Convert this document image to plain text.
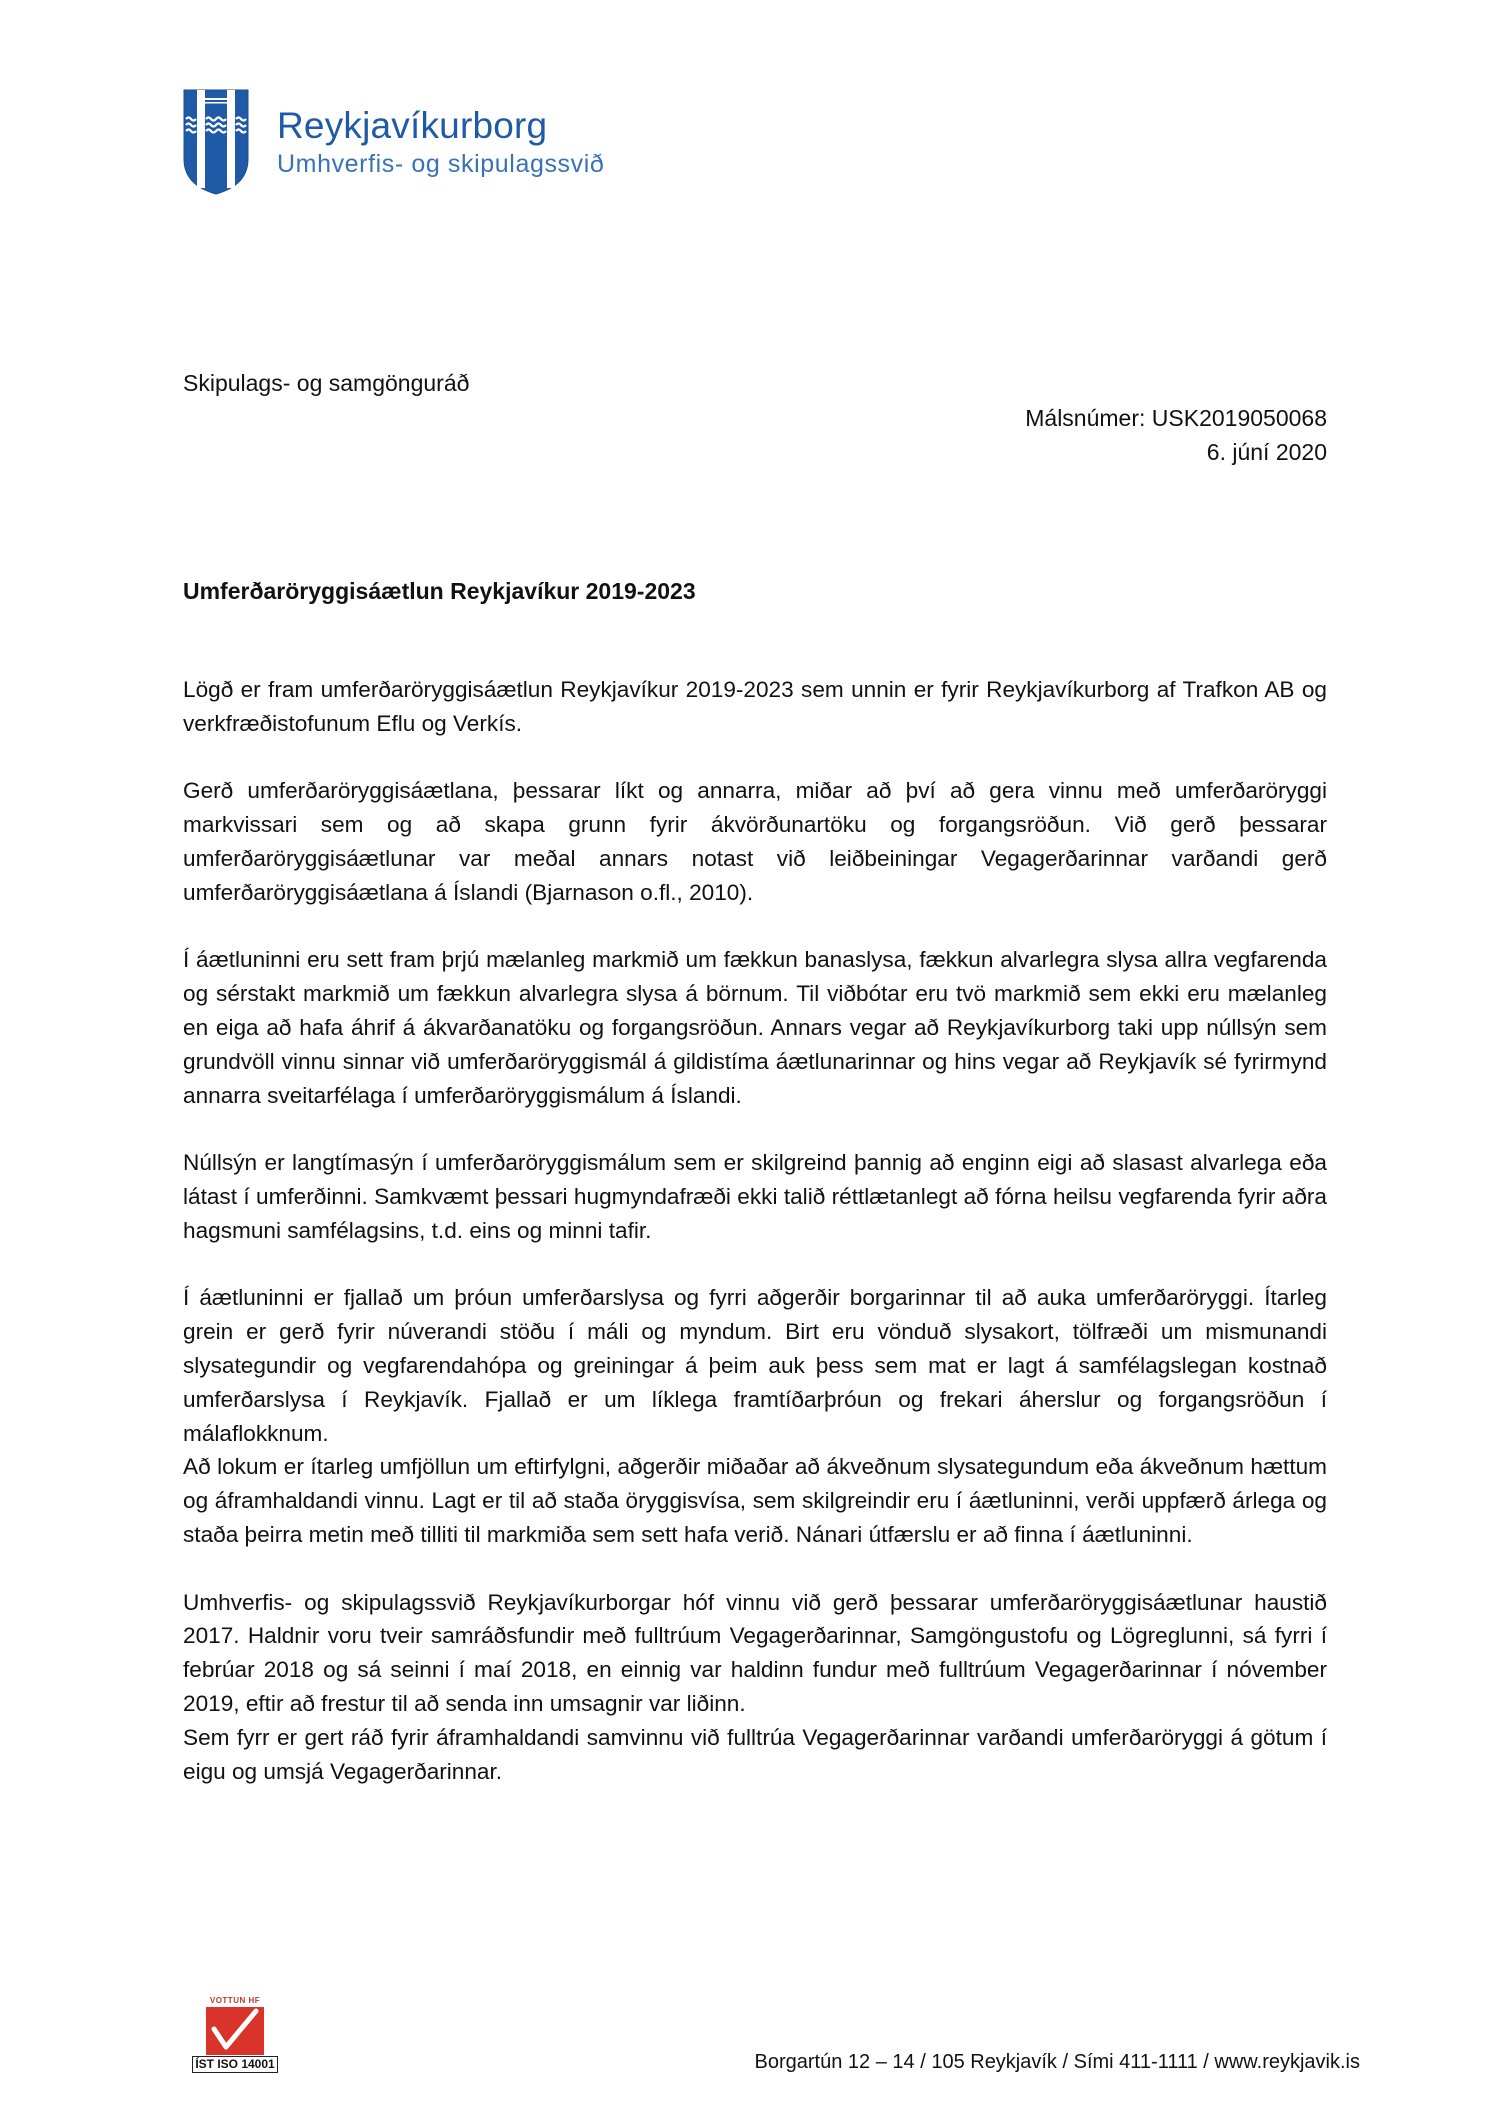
Reykjavíkurborg
Umhverfis- og skipulagssvið
Skipulags- og samgönguráð
Málsnúmer: USK2019050068
6. júní 2020
Umferðaröryggisáætlun Reykjavíkur 2019-2023

Lögð er fram umferðaröryggisáætlun Reykjavíkur 2019-2023 sem unnin er fyrir Reykjavíkurborg af Trafkon AB og verkfræðistofunum Eflu og Verkís.

Gerð umferðaröryggisáætlana, þessarar líkt og annarra, miðar að því að gera vinnu með umferðaröryggi markvissari sem og að skapa grunn fyrir ákvörðunartöku og forgangsröðun. Við gerð þessarar umferðaröryggisáætlunar var meðal annars notast við leiðbeiningar Vegagerðarinnar varðandi gerð umferðaröryggisáætlana á Íslandi (Bjarnason o.fl., 2010).

Í áætluninni eru sett fram þrjú mælanleg markmið um fækkun banaslysa, fækkun alvarlegra slysa allra vegfarenda og sérstakt markmið um fækkun alvarlegra slysa á börnum. Til viðbótar eru tvö markmið sem ekki eru mælanleg en eiga að hafa áhrif á ákvarðanatöku og forgangsröðun. Annars vegar að Reykjavíkurborg taki upp núllsýn sem grundvöll vinnu sinnar við umferðaröryggismál á gildistíma áætlunarinnar og hins vegar að Reykjavík sé fyrirmynd annarra sveitarfélaga í umferðaröryggismálum á Íslandi.

Núllsýn er langtímasýn í umferðaröryggismálum sem er skilgreind þannig að enginn eigi að slasast alvarlega eða látast í umferðinni. Samkvæmt þessari hugmyndafræði ekki talið réttlætanlegt að fórna heilsu vegfarenda fyrir aðra hagsmuni samfélagsins, t.d. eins og minni tafir.

Í áætluninni er fjallað um þróun umferðarslysa og fyrri aðgerðir borgarinnar til að auka umferðaröryggi. Ítarleg grein er gerð fyrir núverandi stöðu í máli og myndum. Birt eru vönduð slysakort, tölfræði um mismunandi slysategundir og vegfarendahópa og greiningar á þeim auk þess sem mat er lagt á samfélagslegan kostnað umferðarslysa í Reykjavík. Fjallað er um líklega framtíðarþróun og frekari áherslur og forgangsröðun í málaflokknum.

Að lokum er ítarleg umfjöllun um eftirfylgni, aðgerðir miðaðar að ákveðnum slysategundum eða ákveðnum hættum og áframhaldandi vinnu. Lagt er til að staða öryggisvísa, sem skilgreindir eru í áætluninni, verði uppfærð árlega og staða þeirra metin með tilliti til markmiða sem sett hafa verið. Nánari útfærslu er að finna í áætluninni.

Umhverfis- og skipulagssvið Reykjavíkurborgar hóf vinnu við gerð þessarar umferðaröryggisáætlunar haustið 2017. Haldnir voru tveir samráðsfundir með fulltrúum Vegagerðarinnar, Samgöngustofu og Lögreglunni, sá fyrri í febrúar 2018 og sá seinni í maí 2018, en einnig var haldinn fundur með fulltrúum Vegagerðarinnar í nóvember 2019, eftir að frestur til að senda inn umsagnir var liðinn.

Sem fyrr er gert ráð fyrir áframhaldandi samvinnu við fulltrúa Vegagerðarinnar varðandi umferðaröryggi á götum í eigu og umsjá Vegagerðarinnar.

VOTTUN HF
ÍST ISO 14001	Borgartún 12 – 14 / 105 Reykjavík / Sími 411-1111 / www.reykjavik.is
